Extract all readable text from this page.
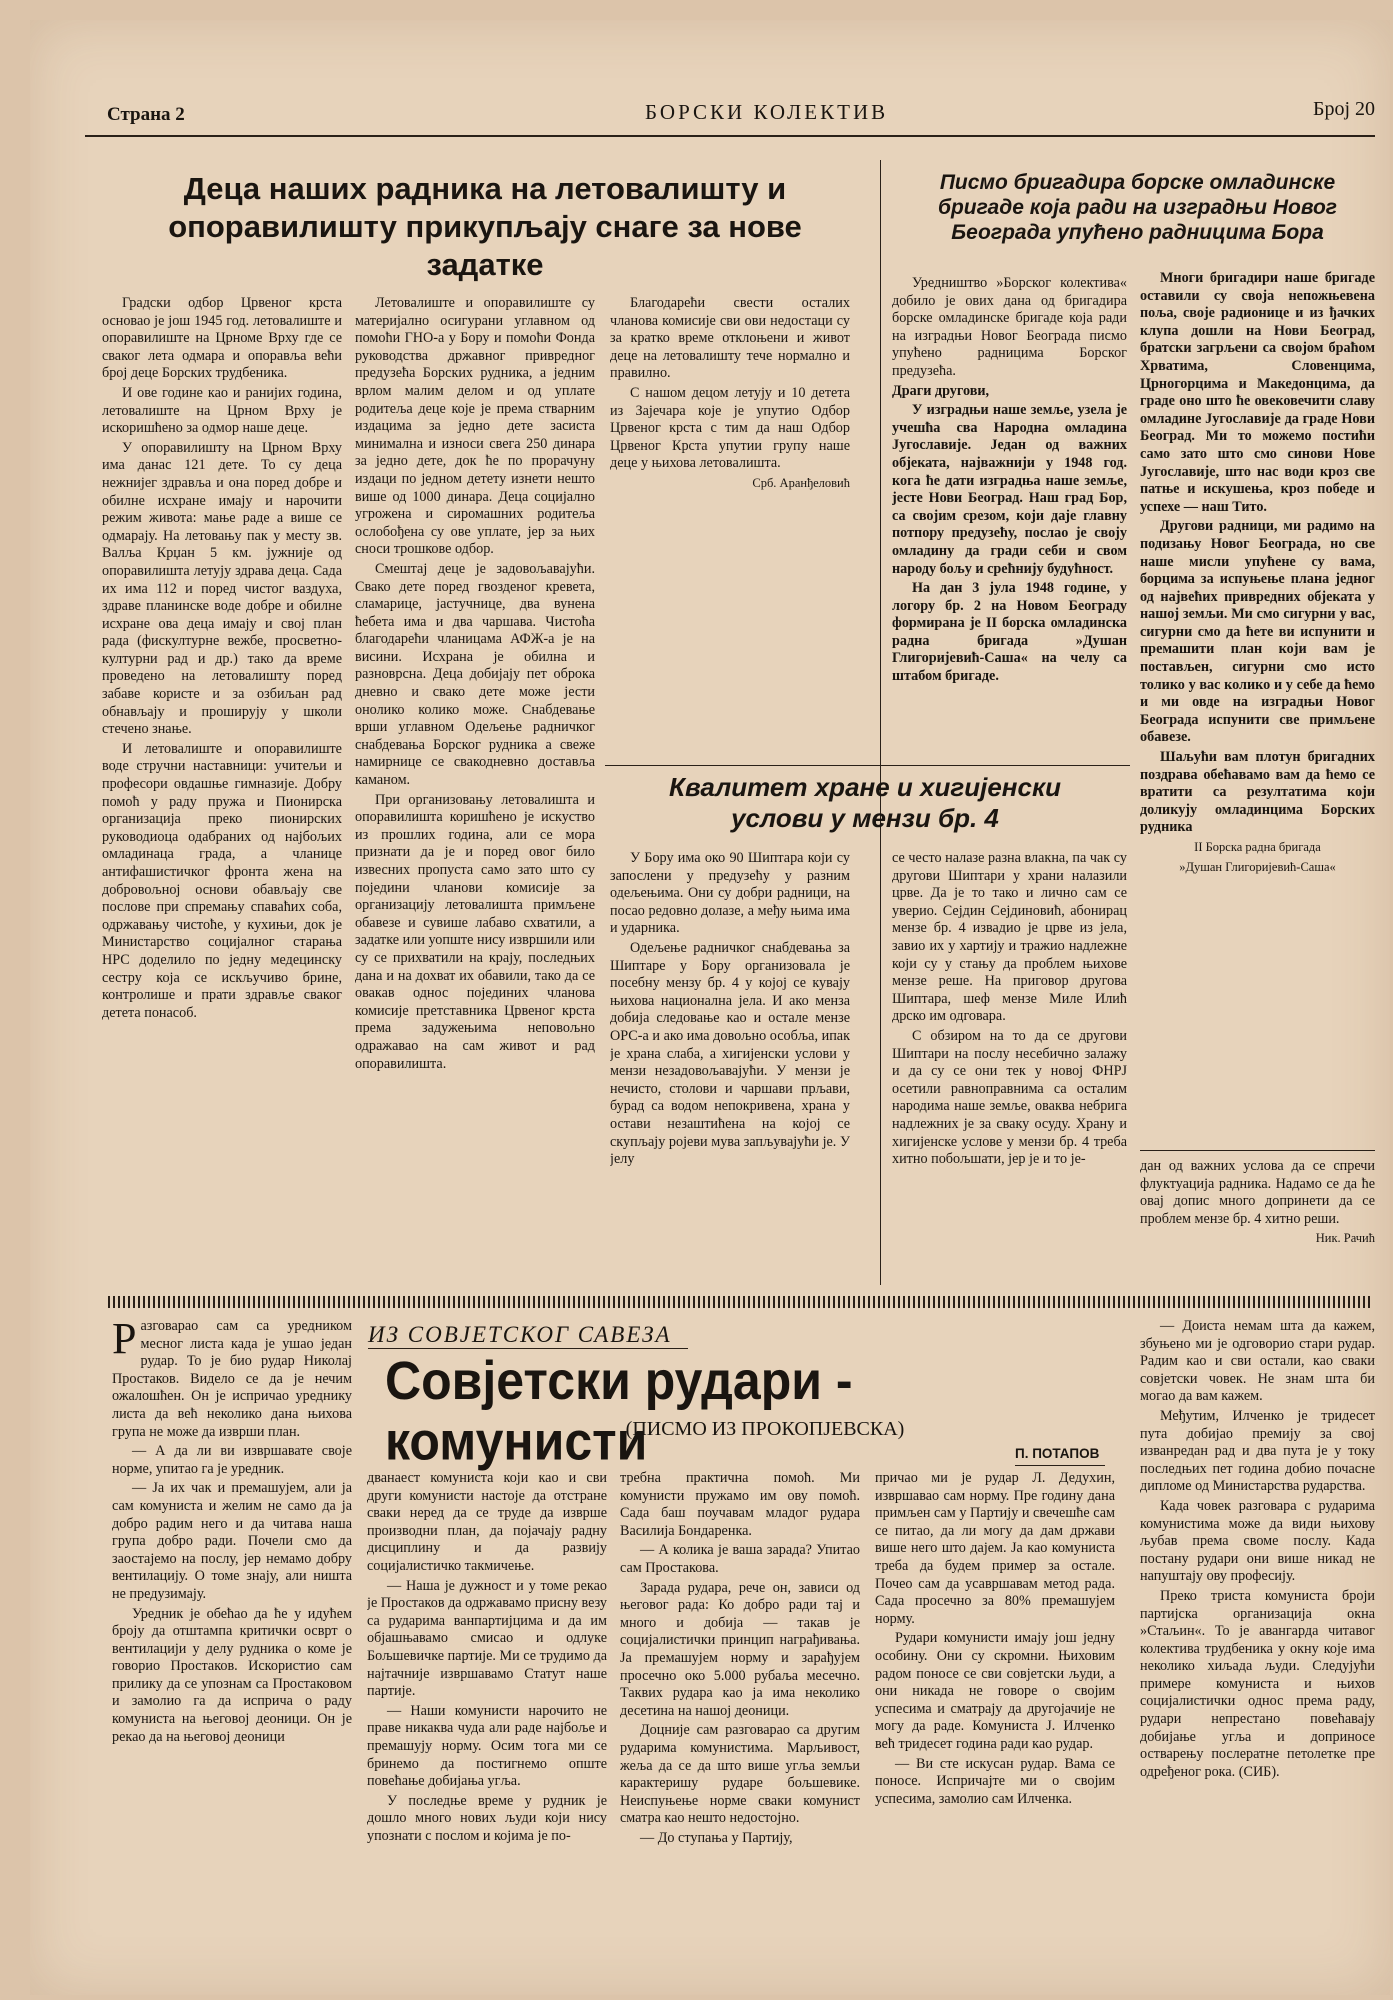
Страна 2	БОРСКИ КОЛЕКТИВ	Број 20
Деца наших радника на летовалишту и опоравилишту прикупљају снаге за нове задатке

Градски одбор Црвеног крста основао је још 1945 год. летовалиште и опоравилиште на Црноме Врху где се сваког лета одмара и опоравља већи број деце Борских трудбеника.

И ове године као и ранијих година, летовалиште на Црном Врху је искоришћено за одмор наше деце.

У опоравилишту на Црном Врху има данас 121 дете. То су деца нежнијег здравља и она поред добре и обилне исхране имају и нарочити режим живота: мање раде а више се одмарају. На летовању пак у месту зв. Валља Крџан 5 км. јужније од опоравилишта летују здрава деца. Сада их има 112 и поред чистог ваздуха, здраве планинске воде добре и обилне исхране ова деца имају и свој план рада (фискултурне вежбе, просветно-културни рад и др.) тако да време проведено на летовалишту поред забаве користе и за озбиљан рад обнављају и проширују у школи стечено знање.

И летовалиште и опоравилиште воде стручни наставници: учитељи и професори овдашње гимназије. Добру помоћ у раду пружа и Пионирска организација преко пионирских руководиоца одабраних од најбољих омладинаца града, а чланице антифашистичког фронта жена на добровољној основи обављају све послове при спремању спаваћих соба, одржавању чистоће, у кухињи, док је Министарство социјалног старања НРС доделило по једну медецинску сестру која се искључиво брине, контролише и прати здравље сваког детета понасоб.

Летовалиште и опоравилиште су материјално осигурани углавном од помоћи ГНО-а у Бору и помоћи Фонда руководства државног привредног предузећа Борских рудника, а једним врлом малим делом и од уплате родитеља деце које је према стварним издацима за једно дете засиста минимална и износи свега 250 динара за једно дете, док ће по прорачуну издаци по једном детету изнети нешто више од 1000 динара. Деца социјално угрожена и сиромашних родитеља ослобођена су ове уплате, јер за њих сноси трошкове одбор.

Смештај деце је задовољавајући. Свако дете поред гвозденог кревета, сламарице, јастучнице, два вунена ћебета има и два чаршава. Чистоћа благодарећи чланицама АФЖ-а је на висини. Исхрана је обилна и разноврсна. Деца добијају пет оброка дневно и свако дете може јести онолико колико може. Снабдевање врши углавном Одељење радничког снабдевања Борског рудника а свеже намирнице се свакодневно доставља каманом.

При организовању летовалишта и опоравилишта коришћено је искуство из прошлих година, али се мора признати да је и поред овог било извесних пропуста само зато што су поједини чланови комисије за организацију летовалишта примљене обавезе и сувише лабаво схватили, а задатке или уопште нису извршили или су се прихватили на крају, последњих дана и на дохват их обавили, тако да се овакав однос појединих чланова комисије претставника Црвеног крста према задужењима неповољно одражавао на сам живот и рад опоравилишта.

Благодарећи свести осталих чланова комисије сви ови недостаци су за кратко време отклоњени и живот деце на летовалишту тече нормално и правилно.

С нашом децом летују и 10 детета из Зајечара које је упутио Одбор Црвеног крста с тим да наш Одбор Црвеног Крста упутии групу наше деце у њихова летовалишта.

Срб. Аранђеловић

Писмо бригадира борске омладинске бригаде која ради на изградњи Новог Београда упућено радницима Бора

Уредништво »Борског колектива« добило је ових дана од бригадира борске омладинске бригаде која ради на изградњи Новог Београда писмо упућено радницима Борског предузећа.

Драги другови,

У изградњи наше земље, узела је учешћа сва Народна омладина Југославије. Један од важних објеката, најважнији у 1948 год. кога ће дати изградња наше земље, јесте Нови Београд. Наш град Бор, са својим срезом, који даје главну потпору предузећу, послао је своју омладину да гради себи и свом народу бољу и срећнију будућност.

На дан 3 јула 1948 године, у логору бр. 2 на Новом Београду формирана је II борска омладинска радна бригада »Душан Глигоријевић-Саша« на челу са штабом бригаде.

Многи бригадири наше бригаде оставили су своја непожњевена поља, своје радионице и из ђачких клупа дошли на Нови Београд, братски загрљени са својом браћом Хрватима, Словенцима, Црногорцима и Македонцима, да граде оно што ће овековечити славу омладине Југославије да граде Нови Београд. Ми то можемо постићи само зато што смо синови Нове Југославије, што нас води кроз све патње и искушења, кроз победе и успехе — наш Тито.

Другови радници, ми радимо на подизању Новог Београда, но све наше мисли упућене су вама, борцима за испуњење плана једног од највећих привредних објеката у нашој земљи. Ми смо сигурни у вас, сигурни смо да ћете ви испунити и премашити план који вам је постављен, сигурни смо исто толико у вас колико и у себе да ћемо и ми овде на изградњи Новог Београда испунити све примљене обавезе.

Шаљући вам плотун бригадних поздрава обећавамо вам да ћемо се вратити са резултатима који доликују омладинцима Борских рудника

II Борска радна бригада

»Душан Глигоријевић-Саша«

Квалитет хране и хигијенски услови у мензи бр. 4

У Бору има око 90 Шиптара који су запослени у предузећу у разним одељењима. Они су добри радници, на посао редовно долазе, а међу њима има и ударника.

Одељење радничког снабдевања за Шиптаре у Бору организовала је посебну мензу бр. 4 у којој се кувају њихова национална јела. И ако менза добија следовање као и остале мензе ОРС-а и ако има довољно особља, ипак је храна слаба, а хигијенски услови у мензи незадовољавајући. У мензи је нечисто, столови и чаршави прљави, бурад са водом непокривена, храна у остави незаштићена на којој се скупљају ројеви мува запљувајући је. У јелу

се често налазе разна влакна, па чак су другови Шиптари у храни налазили црве. Да је то тако и лично сам се уверио. Сејдин Сејдиновић, абонирац мензе бр. 4 извадио је црве из јела, завио их у хартију и тражио надлежне који су у стању да проблем њихове мензе реше. На приговор другова Шиптара, шеф мензе Миле Илић дрско им одговара.

С обзиром на то да се другови Шиптари на послу несебично залажу и да су се они тек у новој ФНРЈ осетили равноправнима са осталим народима наше земље, оваква небрига надлежних је за сваку осуду. Храну и хигијенске услове у мензи бр. 4 треба хитно побољшати, јер је и то је-	дан од важних услова да се спречи флуктуација радника. Надамо се да ће овај допис много допринети да се проблем мензе бр. 4 хитно реши.

Ник. Рачић

ИЗ СОВЈЕТСКОГ САВЕЗА
Совјетски рудари - комунисти
(ПИСМО ИЗ ПРОКОПЈЕВСКА)
П. ПОТАПОВ

Разговарао сам са уредником месног листа када је ушао један рудар. То је био рудар Николај Простаков. Видело се да је нечим ожалошћен. Он је испричао уреднику листа да већ неколико дана њихова група не може да изврши план.

— А да ли ви извршавате своје норме, упитао га је уредник.

— Ја их чак и премашујем, али ја сам комуниста и желим не само да ја добро радим него и да читава наша група добро ради. Почели смо да заостајемо на послу, јер немамо добру вентилацију. О томе знају, али ништа не предузимају.

Уредник је обећао да ће у идућем броју да отштампа критички осврт о вентилацији у делу рудника о коме је говорио Простаков. Искористио сам прилику да се упознам са Простаковом и замолио га да исприча о раду комуниста на његовој деоници. Он је рекао да на његовој деоници

дванаест комуниста који као и сви други комунисти настоје да отстране сваки неред да се труде да изврше производни план, да појачају радну дисциплину и да развију социјалистичко такмичење.

— Наша је дужност и у томе рекао је Простаков да одржавамо присну везу са рударима ванпартијцима и да им објашњавамо смисао и одлуке Бољшевичке партије. Ми се трудимо да најтачније извршавамо Статут наше партије.

— Наши комунисти нарочито не праве никаква чуда али раде најбоље и премашују норму. Осим тога ми се бринемо да постигнемо опште повећање добијања угља.

У последње време у рудник је дошло много нових људи који нису упознати с послом и којима је по-

требна практична помоћ. Ми комунисти пружамо им ову помоћ. Сада баш поучавам младог рудара Василија Бондаренка.

— А колика је ваша зарада? Упитао сам Простакова.

Зарада рудара, рече он, зависи од његовог рада: Ко добро ради тај и много и добија — такав је социјалистички принцип награђивања. Ја премашујем норму и зарађујем просечно око 5.000 рубаља месечно. Таквих рудара као ја има неколико десетина на нашој деоници.

Доцније сам разговарао са другим рударима комунистима. Марљивост, жеља да се да што више угља земљи карактеришу рударе бољшевике. Неиспуњење норме сваки комунист сматра као нешто недостојно.

— До ступања у Партију,

причао ми је рудар Л. Дедухин, извршавао сам норму. Пре годину дана примљен сам у Партију и свечешће сам се питао, да ли могу да дам држави више него што дајем. Ја као комуниста треба да будем пример за остале. Почео сам да усавршавам метод рада. Сада просечно за 80% премашујем норму.

Рудари комунисти имају још једну особину. Они су скромни. Њиховим радом поносе се сви совјетски људи, а они никада не говоре о својим успесима и сматрају да другојачије не могу да раде. Комуниста Ј. Илченко већ тридесет година ради као рудар.

— Ви сте искусан рудар. Вама се поносе. Испричајте ми о својим успесима, замолио сам Илченка.

— Доиста немам шта да кажем, збуњено ми је одговорио стари рудар. Радим као и сви остали, као сваки совјетски човек. Не знам шта би могао да вам кажем.

Међутим, Илченко је тридесет пута добијао премију за свој изванредан рад и два пута је у току последњих пет година добио почасне дипломе од Министарства рударства.

Када човек разговара с рударима комунистима може да види њихову љубав према своме послу. Када постану рудари они више никад не напуштају ову професију.

Преко триста комуниста броји партијска организација окна »Стаљин«. То је авангарда читавог колектива трудбеника у окну које има неколико хиљада људи. Следујући примере комуниста и њихов социјалистички однос према раду, рудари непрестано повећавају добијање угља и доприносе остварењу послератне петолетке пре одређеног рока. (СИБ).
